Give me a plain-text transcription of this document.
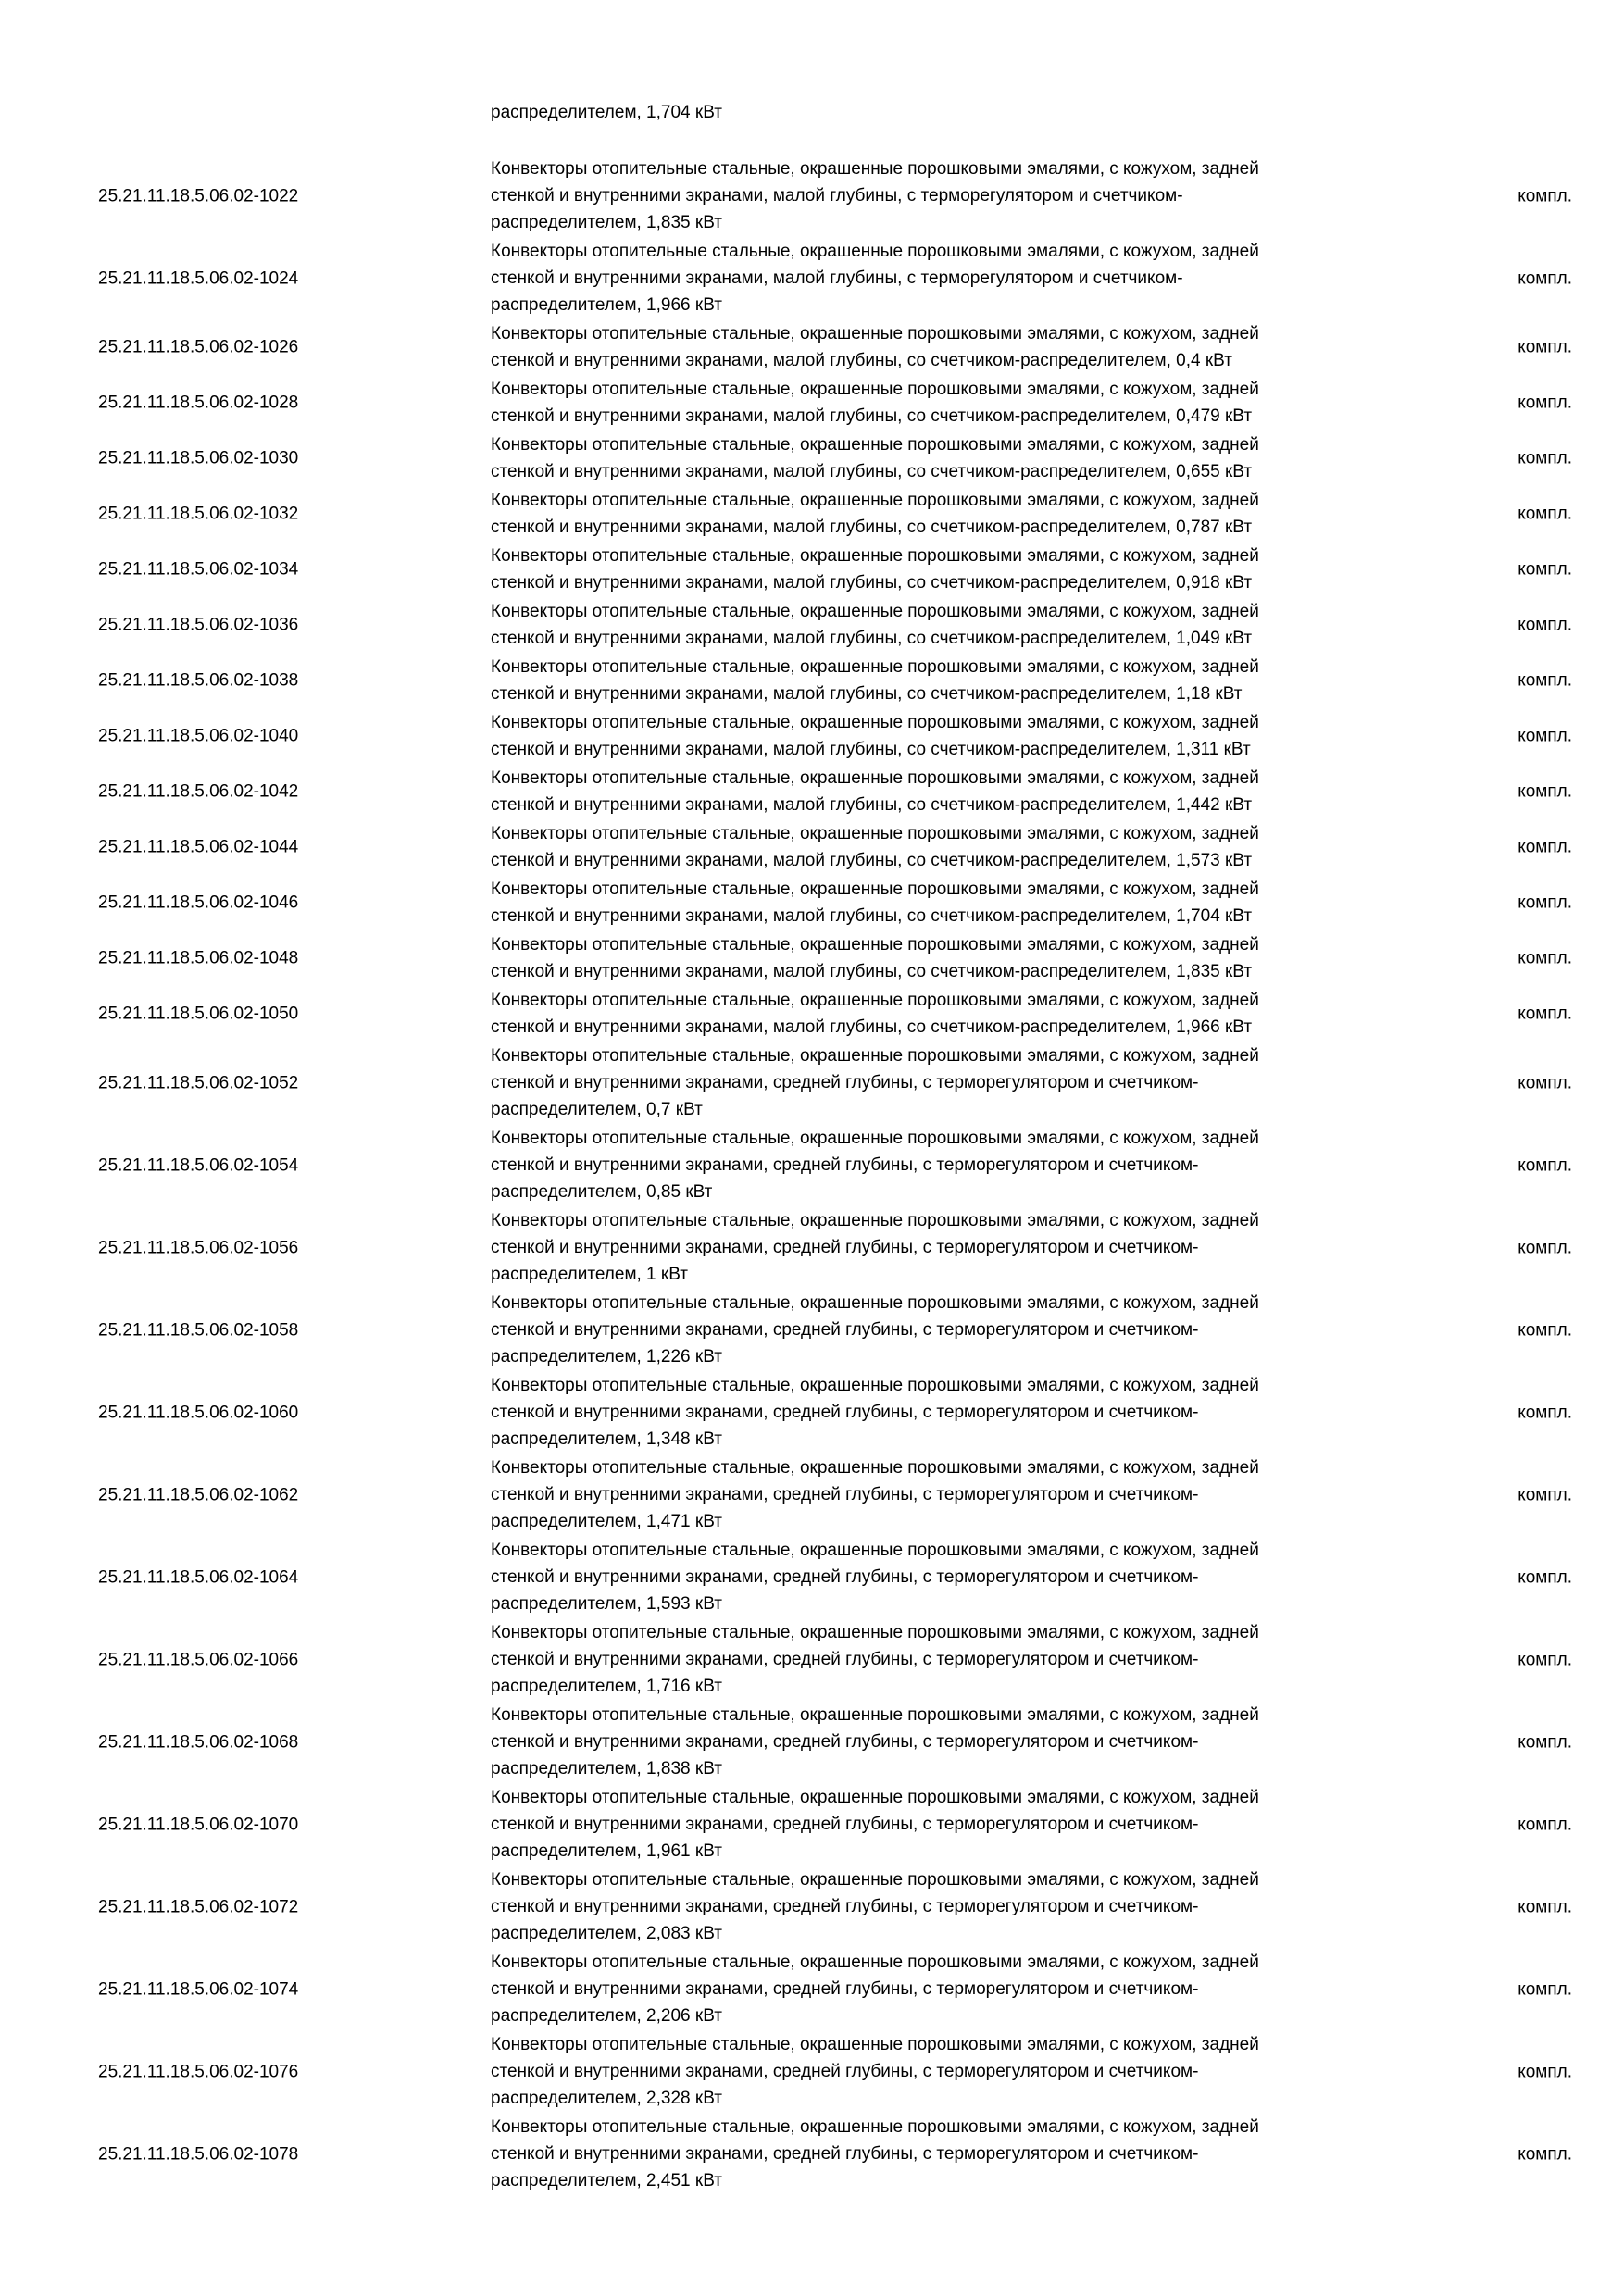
распределителем, 1,704 кВт
25.21.11.18.5.06.02-1022
Конвекторы отопительные стальные, окрашенные порошковыми эмалями, с кожухом, задней
стенкой и внутренними экранами, малой глубины, с терморегулятором и счетчиком-
распределителем, 1,835 кВт
компл.
25.21.11.18.5.06.02-1024
Конвекторы отопительные стальные, окрашенные порошковыми эмалями, с кожухом, задней
стенкой и внутренними экранами, малой глубины, с терморегулятором и счетчиком-
распределителем, 1,966 кВт
компл.
25.21.11.18.5.06.02-1026
Конвекторы отопительные стальные, окрашенные порошковыми эмалями, с кожухом, задней
стенкой и внутренними экранами, малой глубины, со счетчиком-распределителем, 0,4 кВт
компл.
25.21.11.18.5.06.02-1028
Конвекторы отопительные стальные, окрашенные порошковыми эмалями, с кожухом, задней
стенкой и внутренними экранами, малой глубины, со счетчиком-распределителем, 0,479 кВт
компл.
25.21.11.18.5.06.02-1030
Конвекторы отопительные стальные, окрашенные порошковыми эмалями, с кожухом, задней
стенкой и внутренними экранами, малой глубины, со счетчиком-распределителем, 0,655 кВт
компл.
25.21.11.18.5.06.02-1032
Конвекторы отопительные стальные, окрашенные порошковыми эмалями, с кожухом, задней
стенкой и внутренними экранами, малой глубины, со счетчиком-распределителем, 0,787 кВт
компл.
25.21.11.18.5.06.02-1034
Конвекторы отопительные стальные, окрашенные порошковыми эмалями, с кожухом, задней
стенкой и внутренними экранами, малой глубины, со счетчиком-распределителем, 0,918 кВт
компл.
25.21.11.18.5.06.02-1036
Конвекторы отопительные стальные, окрашенные порошковыми эмалями, с кожухом, задней
стенкой и внутренними экранами, малой глубины, со счетчиком-распределителем, 1,049 кВт
компл.
25.21.11.18.5.06.02-1038
Конвекторы отопительные стальные, окрашенные порошковыми эмалями, с кожухом, задней
стенкой и внутренними экранами, малой глубины, со счетчиком-распределителем, 1,18 кВт
компл.
25.21.11.18.5.06.02-1040
Конвекторы отопительные стальные, окрашенные порошковыми эмалями, с кожухом, задней
стенкой и внутренними экранами, малой глубины, со счетчиком-распределителем, 1,311 кВт
компл.
25.21.11.18.5.06.02-1042
Конвекторы отопительные стальные, окрашенные порошковыми эмалями, с кожухом, задней
стенкой и внутренними экранами, малой глубины, со счетчиком-распределителем, 1,442 кВт
компл.
25.21.11.18.5.06.02-1044
Конвекторы отопительные стальные, окрашенные порошковыми эмалями, с кожухом, задней
стенкой и внутренними экранами, малой глубины, со счетчиком-распределителем, 1,573 кВт
компл.
25.21.11.18.5.06.02-1046
Конвекторы отопительные стальные, окрашенные порошковыми эмалями, с кожухом, задней
стенкой и внутренними экранами, малой глубины, со счетчиком-распределителем, 1,704 кВт
компл.
25.21.11.18.5.06.02-1048
Конвекторы отопительные стальные, окрашенные порошковыми эмалями, с кожухом, задней
стенкой и внутренними экранами, малой глубины, со счетчиком-распределителем, 1,835 кВт
компл.
25.21.11.18.5.06.02-1050
Конвекторы отопительные стальные, окрашенные порошковыми эмалями, с кожухом, задней
стенкой и внутренними экранами, малой глубины, со счетчиком-распределителем, 1,966 кВт
компл.
25.21.11.18.5.06.02-1052
Конвекторы отопительные стальные, окрашенные порошковыми эмалями, с кожухом, задней
стенкой и внутренними экранами, средней глубины, с терморегулятором и счетчиком-
распределителем, 0,7 кВт
компл.
25.21.11.18.5.06.02-1054
Конвекторы отопительные стальные, окрашенные порошковыми эмалями, с кожухом, задней
стенкой и внутренними экранами, средней глубины, с терморегулятором и счетчиком-
распределителем, 0,85 кВт
компл.
25.21.11.18.5.06.02-1056
Конвекторы отопительные стальные, окрашенные порошковыми эмалями, с кожухом, задней
стенкой и внутренними экранами, средней глубины, с терморегулятором и счетчиком-
распределителем, 1 кВт
компл.
25.21.11.18.5.06.02-1058
Конвекторы отопительные стальные, окрашенные порошковыми эмалями, с кожухом, задней
стенкой и внутренними экранами, средней глубины, с терморегулятором и счетчиком-
распределителем, 1,226 кВт
компл.
25.21.11.18.5.06.02-1060
Конвекторы отопительные стальные, окрашенные порошковыми эмалями, с кожухом, задней
стенкой и внутренними экранами, средней глубины, с терморегулятором и счетчиком-
распределителем, 1,348 кВт
компл.
25.21.11.18.5.06.02-1062
Конвекторы отопительные стальные, окрашенные порошковыми эмалями, с кожухом, задней
стенкой и внутренними экранами, средней глубины, с терморегулятором и счетчиком-
распределителем, 1,471 кВт
компл.
25.21.11.18.5.06.02-1064
Конвекторы отопительные стальные, окрашенные порошковыми эмалями, с кожухом, задней
стенкой и внутренними экранами, средней глубины, с терморегулятором и счетчиком-
распределителем, 1,593 кВт
компл.
25.21.11.18.5.06.02-1066
Конвекторы отопительные стальные, окрашенные порошковыми эмалями, с кожухом, задней
стенкой и внутренними экранами, средней глубины, с терморегулятором и счетчиком-
распределителем, 1,716 кВт
компл.
25.21.11.18.5.06.02-1068
Конвекторы отопительные стальные, окрашенные порошковыми эмалями, с кожухом, задней
стенкой и внутренними экранами, средней глубины, с терморегулятором и счетчиком-
распределителем, 1,838 кВт
компл.
25.21.11.18.5.06.02-1070
Конвекторы отопительные стальные, окрашенные порошковыми эмалями, с кожухом, задней
стенкой и внутренними экранами, средней глубины, с терморегулятором и счетчиком-
распределителем, 1,961 кВт
компл.
25.21.11.18.5.06.02-1072
Конвекторы отопительные стальные, окрашенные порошковыми эмалями, с кожухом, задней
стенкой и внутренними экранами, средней глубины, с терморегулятором и счетчиком-
распределителем, 2,083 кВт
компл.
25.21.11.18.5.06.02-1074
Конвекторы отопительные стальные, окрашенные порошковыми эмалями, с кожухом, задней
стенкой и внутренними экранами, средней глубины, с терморегулятором и счетчиком-
распределителем, 2,206 кВт
компл.
25.21.11.18.5.06.02-1076
Конвекторы отопительные стальные, окрашенные порошковыми эмалями, с кожухом, задней
стенкой и внутренними экранами, средней глубины, с терморегулятором и счетчиком-
распределителем, 2,328 кВт
компл.
25.21.11.18.5.06.02-1078
Конвекторы отопительные стальные, окрашенные порошковыми эмалями, с кожухом, задней
стенкой и внутренними экранами, средней глубины, с терморегулятором и счетчиком-
распределителем, 2,451 кВт
компл.
